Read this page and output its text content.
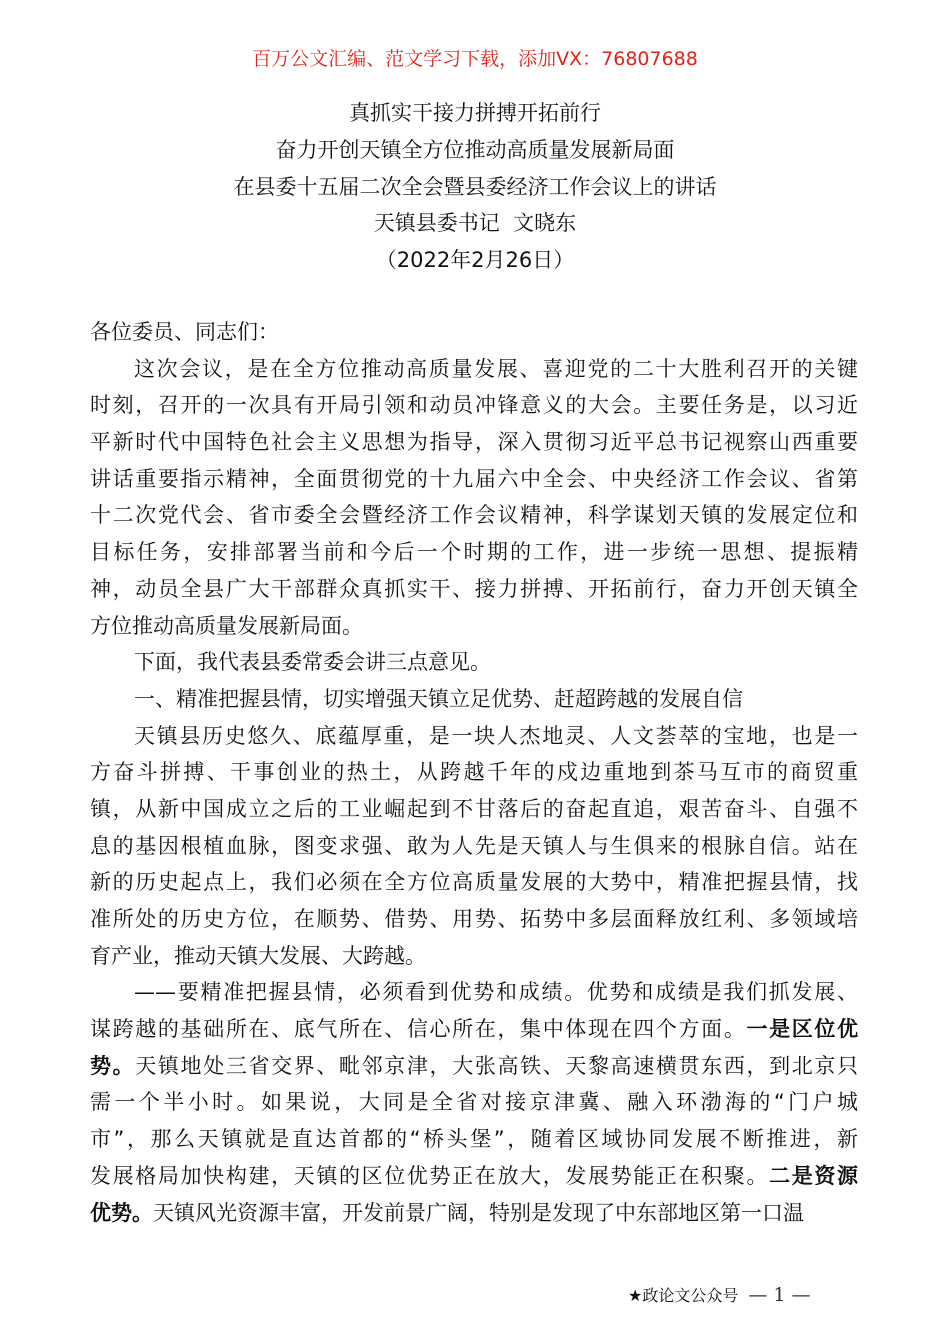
百万公文汇编、范文学习下载，添加VX：76807688
真抓实干接力拼搏开拓前行
奋力开创天镇全方位推动高质量发展新局面
在县委十五届二次全会暨县委经济工作会议上的讲话
天镇县委书记  文晓东
（2022年2月26日）
各位委员、同志们：
这次会议，是在全方位推动高质量发展、喜迎党的二十大胜利召开的关键
时刻，召开的一次具有开局引领和动员冲锋意义的大会。主要任务是，以习近
平新时代中国特色社会主义思想为指导，深入贯彻习近平总书记视察山西重要
讲话重要指示精神，全面贯彻党的十九届六中全会、中央经济工作会议、省第
十二次党代会、省市委全会暨经济工作会议精神，科学谋划天镇的发展定位和
目标任务，安排部署当前和今后一个时期的工作，进一步统一思想、提振精
神，动员全县广大干部群众真抓实干、接力拼搏、开拓前行，奋力开创天镇全
方位推动高质量发展新局面。
下面，我代表县委常委会讲三点意见。
一、精准把握县情，切实增强天镇立足优势、赶超跨越的发展自信
天镇县历史悠久、底蕴厚重，是一块人杰地灵、人文荟萃的宝地，也是一
方奋斗拼搏、干事创业的热土，从跨越千年的戍边重地到茶马互市的商贸重
镇，从新中国成立之后的工业崛起到不甘落后的奋起直追，艰苦奋斗、自强不
息的基因根植血脉，图变求强、敢为人先是天镇人与生俱来的根脉自信。站在
新的历史起点上，我们必须在全方位高质量发展的大势中，精准把握县情，找
准所处的历史方位，在顺势、借势、用势、拓势中多层面释放红利、多领域培
育产业，推动天镇大发展、大跨越。
——要精准把握县情，必须看到优势和成绩。优势和成绩是我们抓发展、
谋跨越的基础所在、底气所在、信心所在，集中体现在四个方面。一是区位优
势。天镇地处三省交界、毗邻京津，大张高铁、天黎高速横贯东西，到北京只
需一个半小时。如果说，大同是全省对接京津冀、融入环渤海的“门户城
市”，那么天镇就是直达首都的“桥头堡”，随着区域协同发展不断推进，新
发展格局加快构建，天镇的区位优势正在放大，发展势能正在积聚。二是资源
优势。天镇风光资源丰富，开发前景广阔，特别是发现了中东部地区第一口温
★政论文公众号 — 1 —
